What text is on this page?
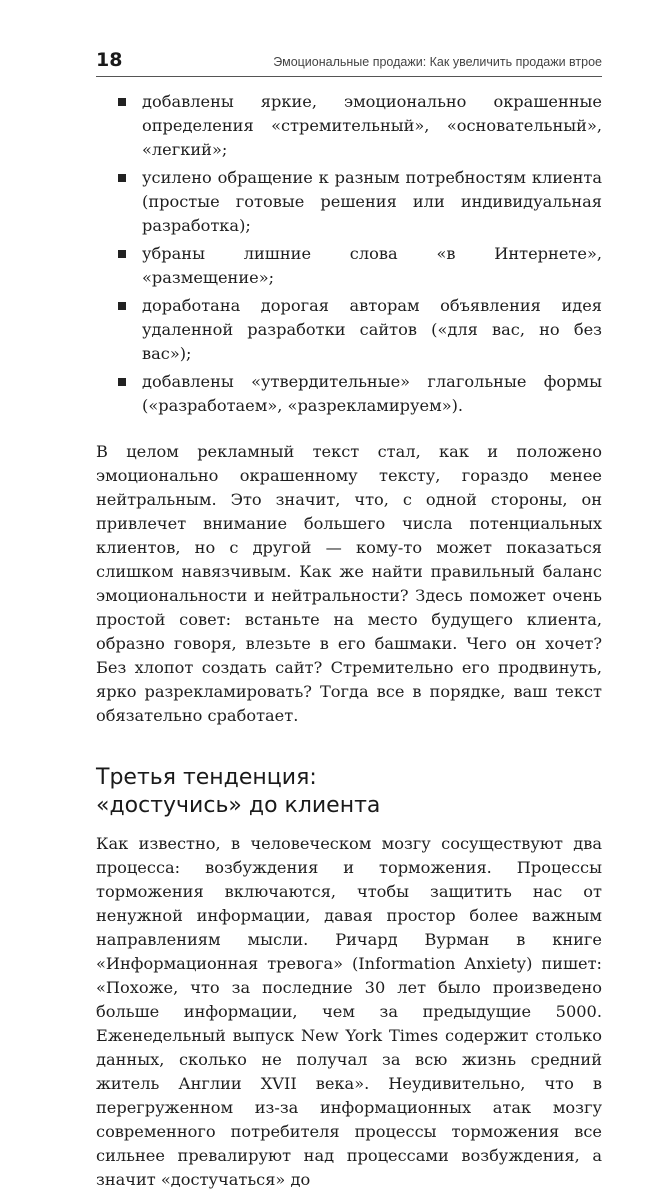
18	Эмоциональные продажи: Как увеличить продажи втрое
добавлены яркие, эмоционально окрашенные определения «стремительный», «основательный», «легкий»;
усилено обращение к разным потребностям клиента (простые готовые решения или индивидуальная разработка);
убраны лишние слова «в Интернете», «размещение»;
доработана дорогая авторам объявления идея удаленной разработки сайтов («для вас, но без вас»);
добавлены «утвердительные» глагольные формы («разработаем», «разрекламируем»).

В целом рекламный текст стал, как и положено эмоционально окрашенному тексту, гораздо менее нейтральным. Это значит, что, с одной стороны, он привлечет внимание большего числа потенциальных клиентов, но с другой — кому-то может показаться слишком навязчивым. Как же найти правильный баланс эмоциональности и нейтральности? Здесь поможет очень простой совет: встаньте на место будущего клиента, образно говоря, влезьте в его башмаки. Чего он хочет? Без хлопот создать сайт? Стремительно его продвинуть, ярко разрекламировать? Тогда все в порядке, ваш текст обязательно сработает.

Третья тенденция:
«достучись» до клиента

Как известно, в человеческом мозгу сосуществуют два процесса: возбуждения и торможения. Процессы торможения включаются, чтобы защитить нас от ненужной информации, давая простор более важным направлениям мысли. Ричард Вурман в книге «Информационная тревога» (Information Anxiety) пишет: «Похоже, что за последние 30 лет было произведено больше информации, чем за предыдущие 5000. Еженедельный выпуск New York Times содержит столько данных, сколько не получал за всю жизнь средний житель Англии XVII века». Неудивительно, что в перегруженном из-за информационных атак мозгу современного потребителя процессы торможения все сильнее превалируют над процессами возбуждения, а значит «достучаться» до
